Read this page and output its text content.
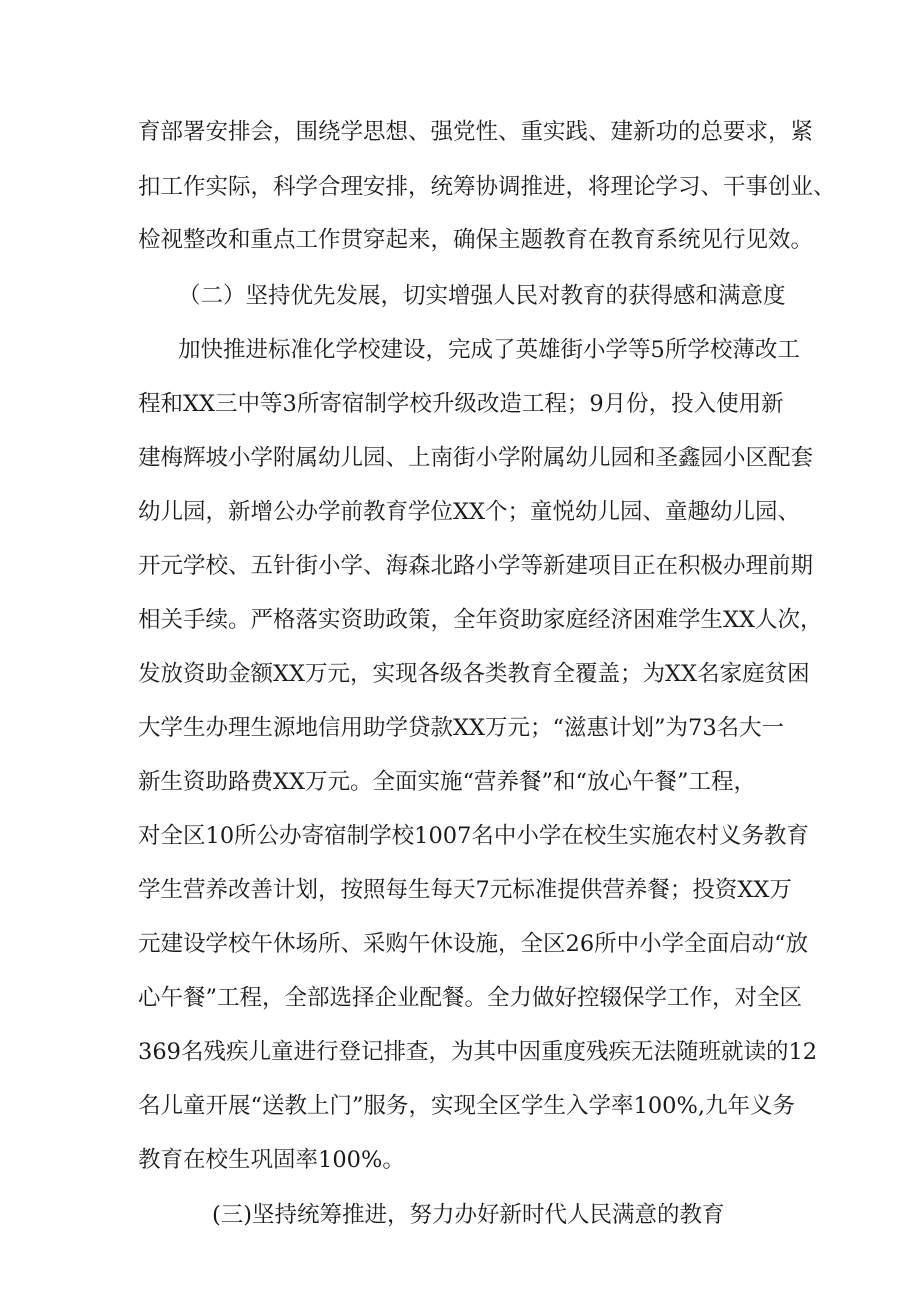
育部署安排会，围绕学思想、强党性、重实践、建新功的总要求，紧
扣工作实际，科学合理安排，统筹协调推进，将理论学习、干事创业、
检视整改和重点工作贯穿起来，确保主题教育在教育系统见行见效。
（二）坚持优先发展，切实增强人民对教育的获得感和满意度
加快推进标准化学校建设，完成了英雄街小学等5所学校薄改工
程和XX三中等3所寄宿制学校升级改造工程；9月份，投入使用新
建梅辉坡小学附属幼儿园、上南街小学附属幼儿园和圣鑫园小区配套
幼儿园，新增公办学前教育学位XX个；童悦幼儿园、童趣幼儿园、
开元学校、五针街小学、海森北路小学等新建项目正在积极办理前期
相关手续。严格落实资助政策，全年资助家庭经济困难学生XX人次，
发放资助金额XX万元，实现各级各类教育全覆盖；为XX名家庭贫困
大学生办理生源地信用助学贷款XX万元；“滋惠计划”为73名大一
新生资助路费XX万元。全面实施“营养餐”和“放心午餐”工程，
对全区10所公办寄宿制学校1007名中小学在校生实施农村义务教育
学生营养改善计划，按照每生每天7元标准提供营养餐；投资XX万
元建设学校午休场所、采购午休设施，全区26所中小学全面启动“放
心午餐”工程，全部选择企业配餐。全力做好控辍保学工作，对全区
369名残疾儿童进行登记排查，为其中因重度残疾无法随班就读的12
名儿童开展“送教上门”服务，实现全区学生入学率100%,九年义务
教育在校生巩固率100%。
(三)坚持统筹推进，努力办好新时代人民满意的教育
